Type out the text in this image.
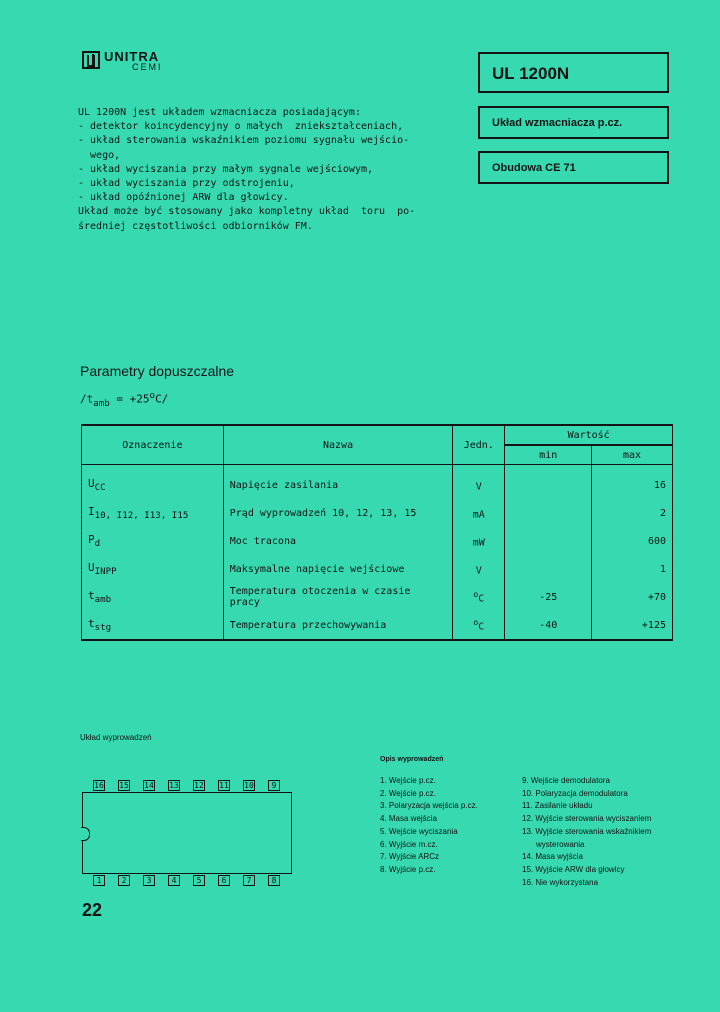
UNITRA
CEMI	UL 1200N
Układ wzmacniacza p.cz.
Obudowa CE 71
UL 1200N jest układem wzmacniacza posiadającym:
- detektor koincydencyjny o małych  zniekształceniach,
- układ sterowania wskaźnikiem poziomu sygnału wejścio-
wego,
- układ wyciszania przy małym sygnale wejściowym,
- układ wyciszania przy odstrojeniu,
- układ opóźnionej ARW dla głowicy.
Układ może być stosowany jako kompletny układ  toru  po-
średniej częstotliwości odbiorników FM.
Parametry dopuszczalne
$/t_{amb} = +25^oC/$
Oznaczenie	Nazwa	Jedn.	Wartość	
			min	max
$U_{CC}$	Napięcie zasilania	V		16
$I_{10, I12, I13, I15}$	Prąd wyprowadzeń 10, 12, 13, 15	mA		2
$P_d$	Moc tracona	mW		600
$U_{INPP}$	Maksymalne napięcie wejściowe	V		1
$t_{amb}$	Temperatura otoczenia w czasie pracy	$^o$C	-25	+70
$t_{stg}$	Temperatura przechowywania	$^o$C	-40	+125
Układ wyprowadzeń
16 15 14 13 12 11 10	9
1	2	3	4	5	6	7	8
Opis wyprowadzeń
1. Wejście p.cz.
2. Wejście p.cz.
3. Polaryzacja wejścia p.cz.
4. Masa wejścia
5. Wejście wyciszania
6. Wyjście m.cz.
7. Wyjście ARCz
8. Wyjście p.cz.
9. Wejście demodulatora
10. Polaryzacja demodulatora
11. Zasilanie układu
12. Wyjście sterowania wyciszaniem
13. Wyjście sterowania wskaźnikiem
wysterowania
14. Masa wyjścia
15. Wyjście ARW dla głowicy
16. Nie wykorzystana
22
